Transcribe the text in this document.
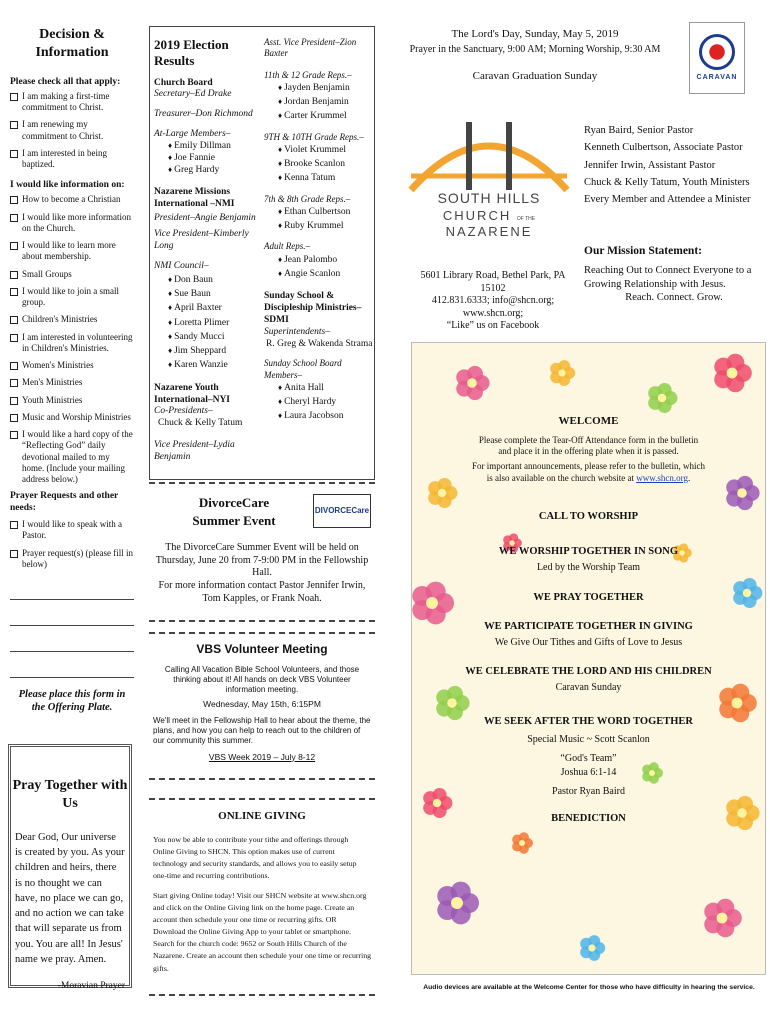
Decision & Information
Please check all that apply:
I am making a first-time commitment to Christ.
I am renewing my commitment to Christ.
I am interested in being baptized.
I would like information on:
How to become a Christian
I would like more information on the Church.
I would like to learn more about membership.
Small Groups
I would like to join a small group.
Children's Ministries
I am interested in volunteering in Children's Ministries.
Women's Ministries
Men's Ministries
Youth Ministries
Music and Worship Ministries
I would like a hard copy of the “Reflecting God” daily devotional mailed to my home. (Include your mailing address below.)
Prayer Requests and other needs:
I would like to speak with a Pastor.
Prayer request(s) (please fill in below)
Please place this form in the Offering Plate.
Pray Together with Us
Dear God, Our universe is created by you. As your children and heirs, there is no thought we can have, no place we can go, and no action we can take that will separate us from you. You are all! In Jesus' name we pray. Amen.
-Moravian Prayer
2019 Election Results
Church Board
Secretary–Ed Drake
Treasurer–Don Richmond
At-Large Members–
♦ Emily Dillman
♦ Joe Fannie
♦ Greg Hardy
Nazarene Missions International –NMI
President–Angie Benjamin
Vice President–Kimberly Long
NMI Council–
♦ Don Baun
♦ Sue Baun
♦ April Baxter
♦ Loretta Plimer
♦ Sandy Mucci
♦ Jim Sheppard
♦ Karen Wanzie
Nazarene Youth International–NYI
Co-Presidents–
Chuck & Kelly Tatum
Vice President–Lydia Benjamin
Asst. Vice President–Zion Baxter
11th & 12 Grade Reps.–
♦ Jayden Benjamin
♦ Jordan Benjamin
♦ Carter Krummel
9TH & 10TH Grade Reps.–
♦ Violet Krummel
♦ Brooke Scanlon
♦ Kenna Tatum
7th & 8th Grade Reps.–
♦ Ethan Culbertson
♦ Ruby Krummel
Adult Reps.–
♦ Jean Palombo
♦ Angie Scanlon
Sunday School & Discipleship Ministries–SDMI
Superintendents–
R. Greg & Wakenda Strama
Sunday School Board Members–
♦ Anita Hall
♦ Cheryl Hardy
♦ Laura Jacobson
DivorceCare Summer Event
DIVORCECare
The DivorceCare Summer Event will be held on Thursday, June 20 from 7-9:00 PM in the Fellowship Hall.
For more information contact Pastor Jennifer Irwin, Tom Kapples, or Frank Noah.
VBS Volunteer Meeting
Calling All Vacation Bible School Volunteers, and those thinking about it! All hands on deck VBS Volunteer information meeting.
Wednesday, May 15th, 6:15PM
We'll meet in the Fellowship Hall to hear about the theme, the plans, and how you can help to reach out to the children of our community this summer.
VBS Week 2019 – July 8-12
ONLINE GIVING
You now be able to contribute your tithe and offerings through Online Giving to SHCN. This option makes use of current technology and security standards, and allows you to easily setup one-time and recurring contributions.
Start giving Online today! Visit our SHCN website at www.shcn.org and click on the Online Giving link on the home page. Create an account then schedule your one time or recurring gifts. OR Download the Online Giving App to your tablet or smartphone. Search for the church code: 9652 or South Hills Church of the Nazarene. Create an account then schedule your one time or recurring gifts.
The Lord's Day, Sunday, May 5, 2019
Prayer in the Sanctuary, 9:00 AM; Morning Worship, 9:30 AM
Caravan Graduation Sunday	CARAVAN
SOUTH HILLS
CHURCH OF THE NAZARENE
5601 Library Road, Bethel Park, PA 15102
412.831.6333; info@shcn.org; www.shcn.org;
“Like” us on Facebook
Ryan Baird, Senior Pastor
Kenneth Culbertson, Associate Pastor
Jennifer Irwin, Assistant Pastor
Chuck & Kelly Tatum, Youth Ministers
Every Member and Attendee a Minister
Our Mission Statement:
Reaching Out to Connect Everyone to a Growing Relationship with Jesus.
Reach. Connect. Grow.
WELCOME
Please complete the Tear-Off Attendance form in the bulletin and place it in the offering plate when it is passed.
For important announcements, please refer to the bulletin, which is also available on the church website at www.shcn.org.
CALL TO WORSHIP
WE WORSHIP TOGETHER IN SONG
Led by the Worship Team
WE PRAY TOGETHER
WE PARTICIPATE TOGETHER IN GIVING
We Give Our Tithes and Gifts of Love to Jesus
WE CELEBRATE THE LORD AND HIS CHILDREN
Caravan Sunday
WE SEEK AFTER THE WORD TOGETHER
Special Music ~ Scott Scanlon
“God's Team”
Joshua 6:1-14
Pastor Ryan Baird
BENEDICTION
Audio devices are available at the Welcome Center for those who have difficulty in hearing the service.
